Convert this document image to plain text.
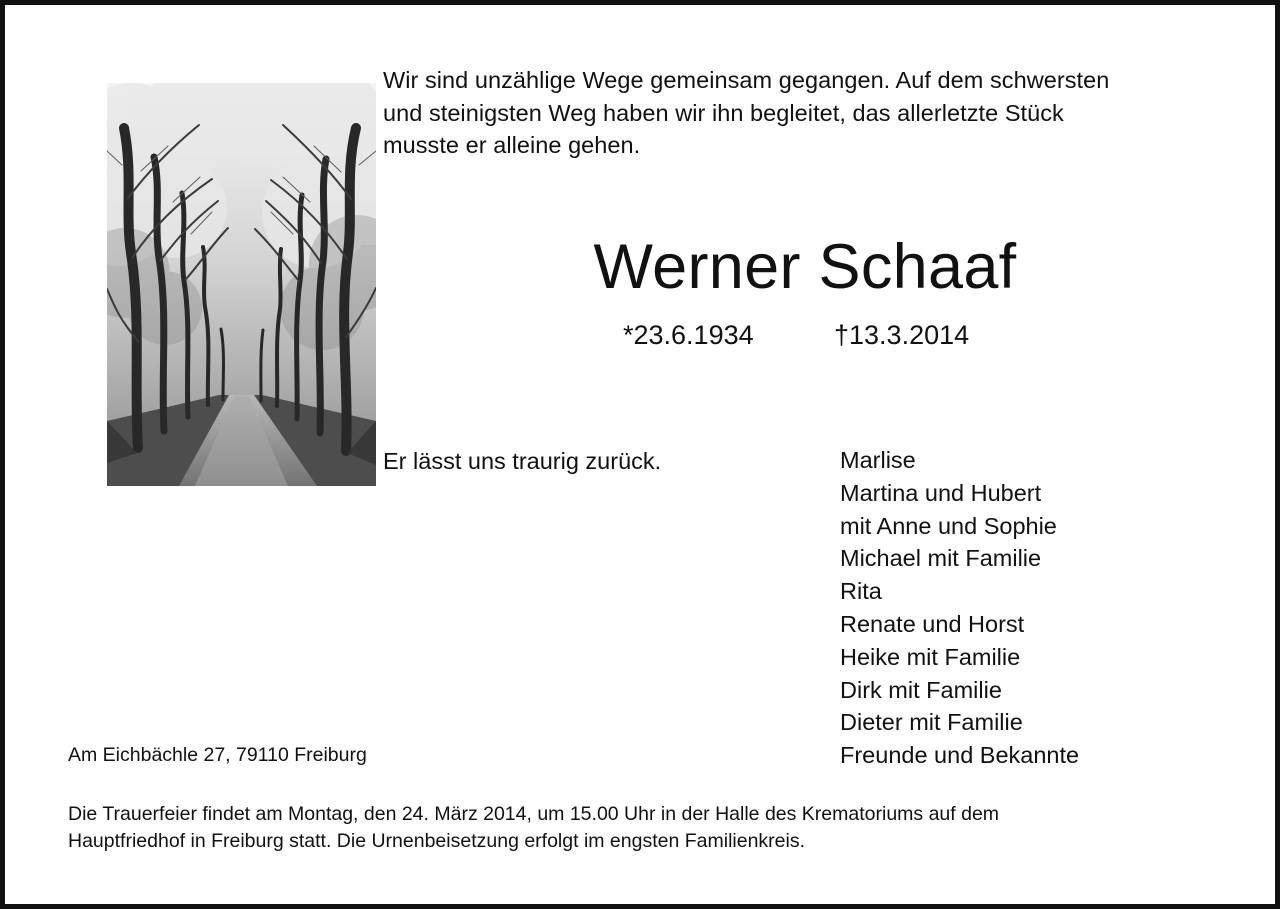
Wir sind unzählige Wege gemeinsam gegangen. Auf dem schwersten
und steinigsten Weg haben wir ihn begleitet, das allerletzte Stück
musste er alleine gehen.

Werner Schaaf
*23.6.1934	†13.3.2014
Er lässt uns traurig zurück.	Marlise
Martina und Hubert
mit Anne und Sophie
Michael mit Familie
Rita
Renate und Horst
Heike mit Familie
Dirk mit Familie
Dieter mit Familie
Freunde und Bekannte
Am Eichbächle 27, 79110 Freiburg

Die Trauerfeier findet am Montag, den 24. März 2014, um 15.00 Uhr in der Halle des Krematoriums auf dem
Hauptfriedhof in Freiburg statt. Die Urnenbeisetzung erfolgt im engsten Familienkreis.
